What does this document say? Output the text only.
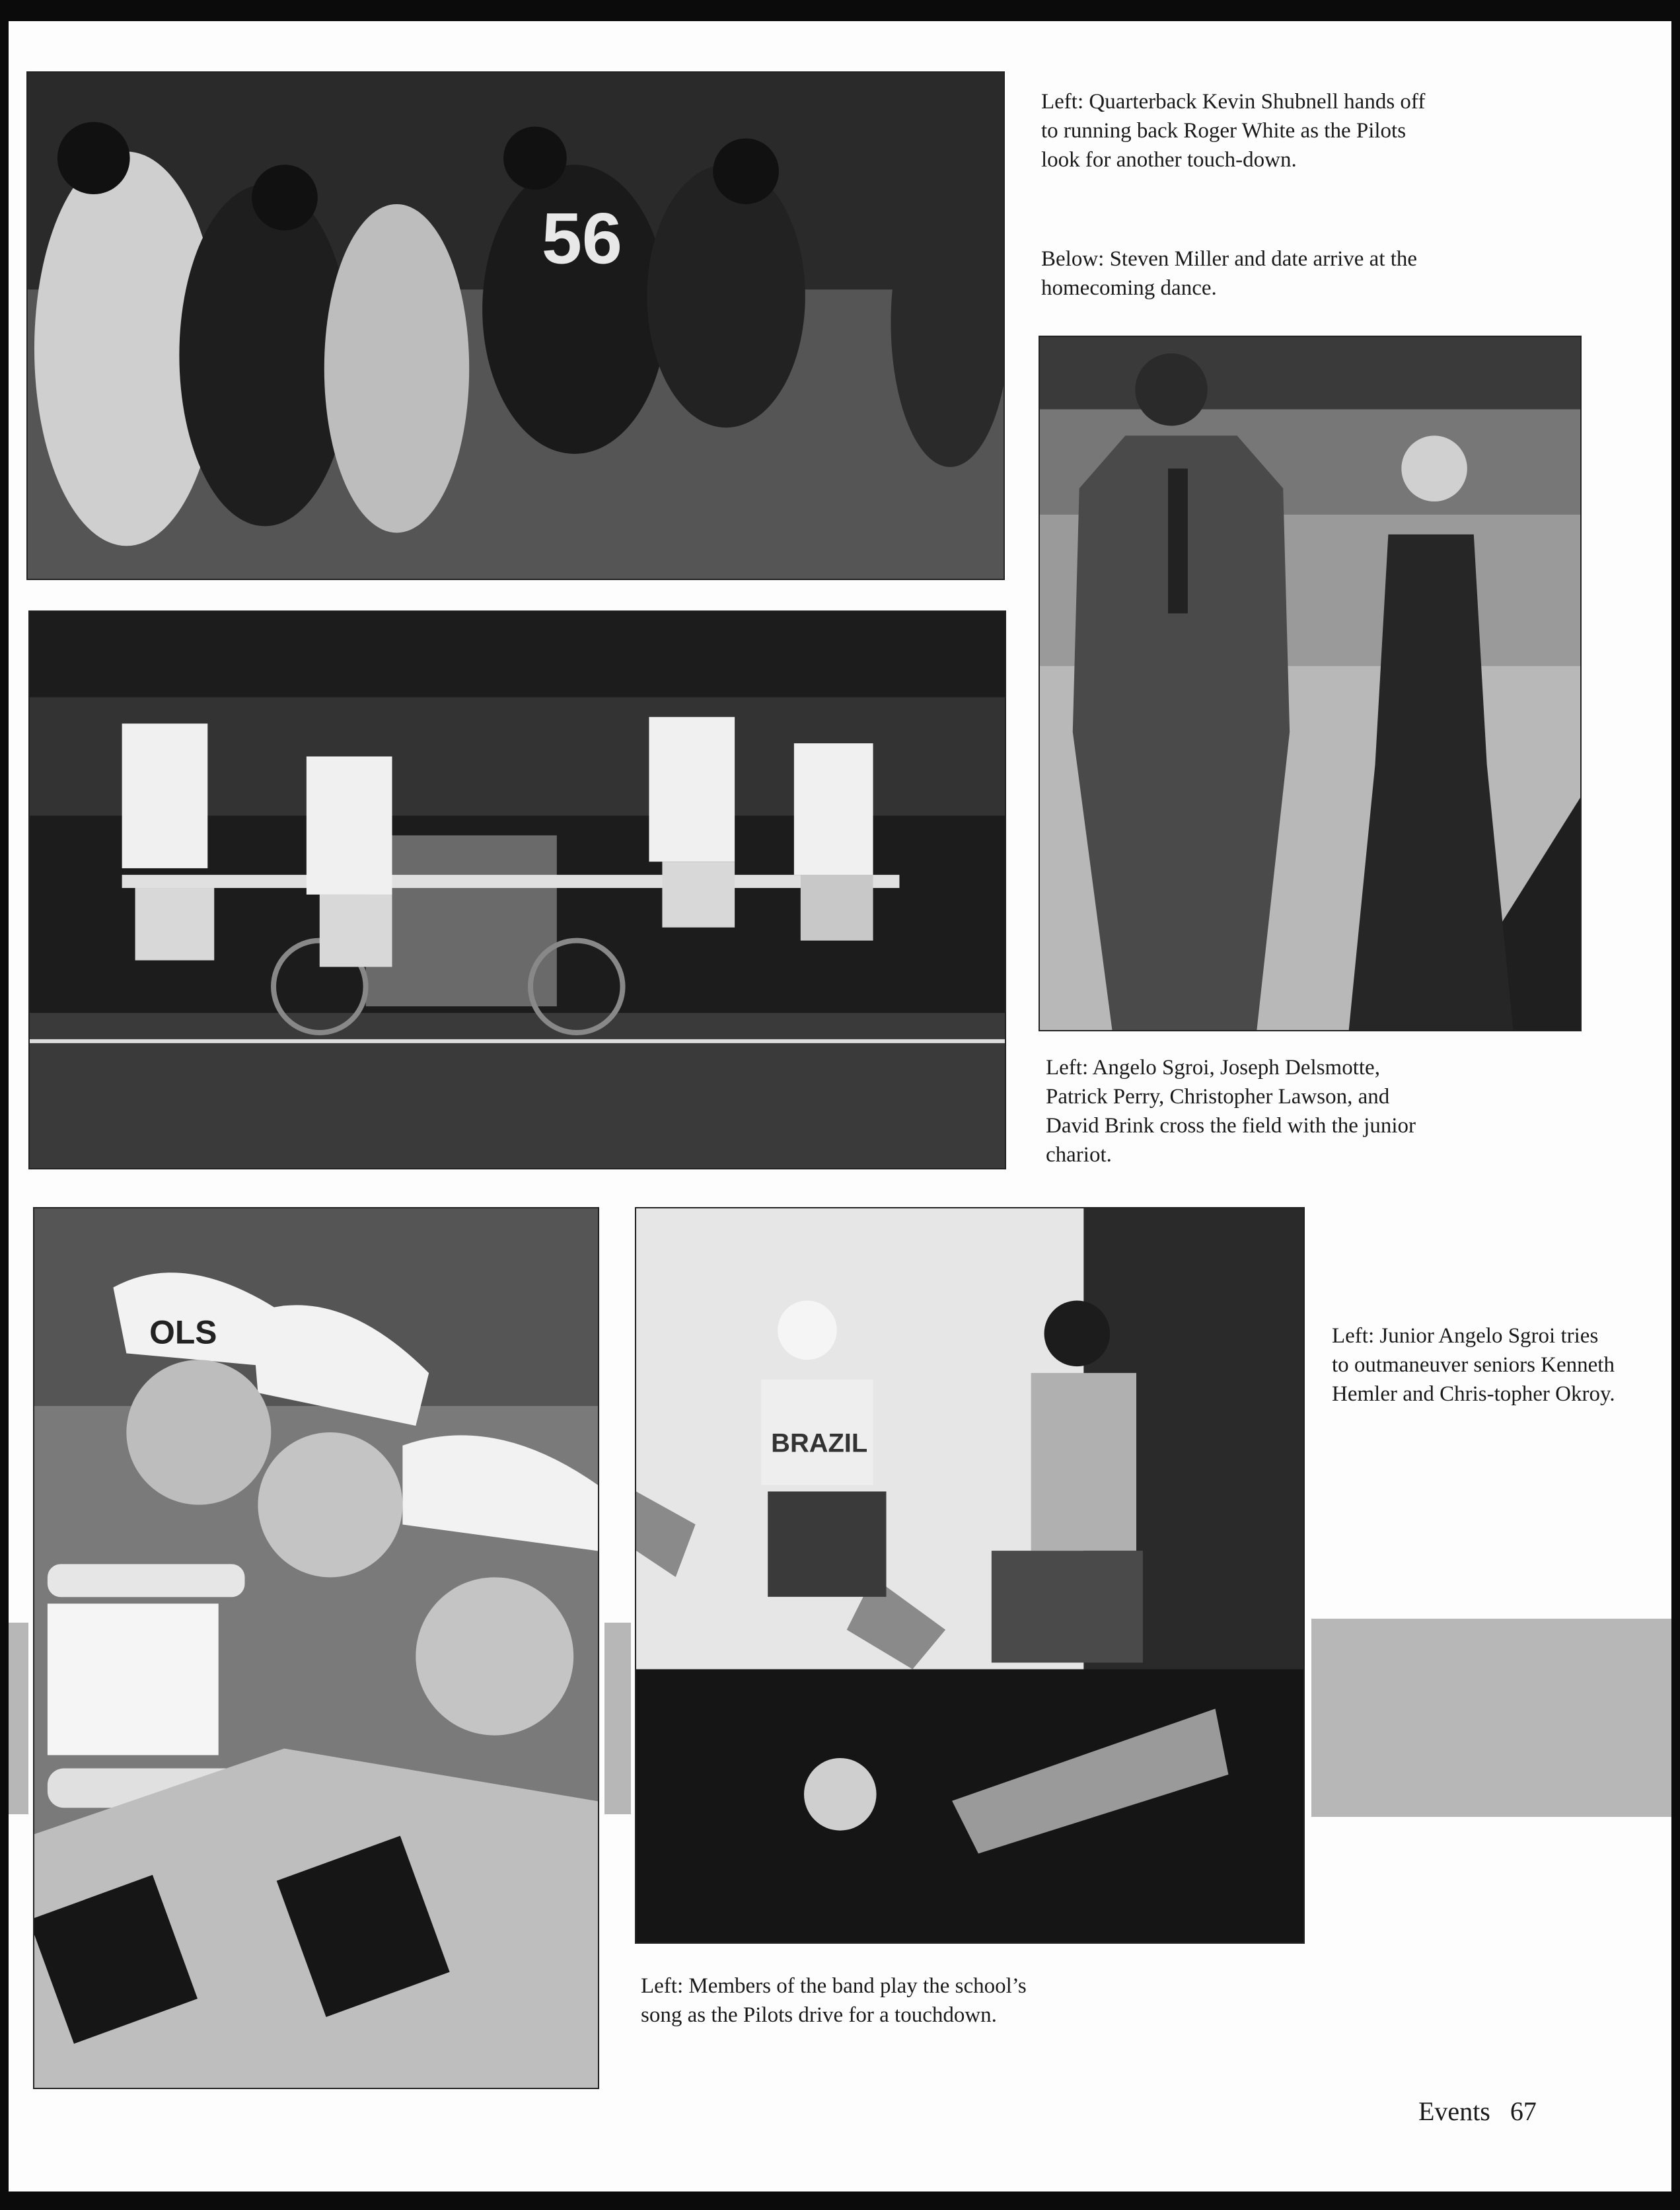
56

Left: Quarterback Kevin Shubnell hands off to running back Roger White as the Pilots look for another touch-down.

Below: Steven Miller and date arrive at the homecoming dance.

Left: Angelo Sgroi, Joseph Delsmotte, Patrick Perry, Christopher Lawson, and David Brink cross the field with the junior chariot.

OLS
BRAZIL

Left: Junior Angelo Sgroi tries to outmaneuver seniors Kenneth Hemler and Chris-topher Okroy.

Left: Members of the band play the school’s song as the Pilots drive for a touchdown.

Events 67
